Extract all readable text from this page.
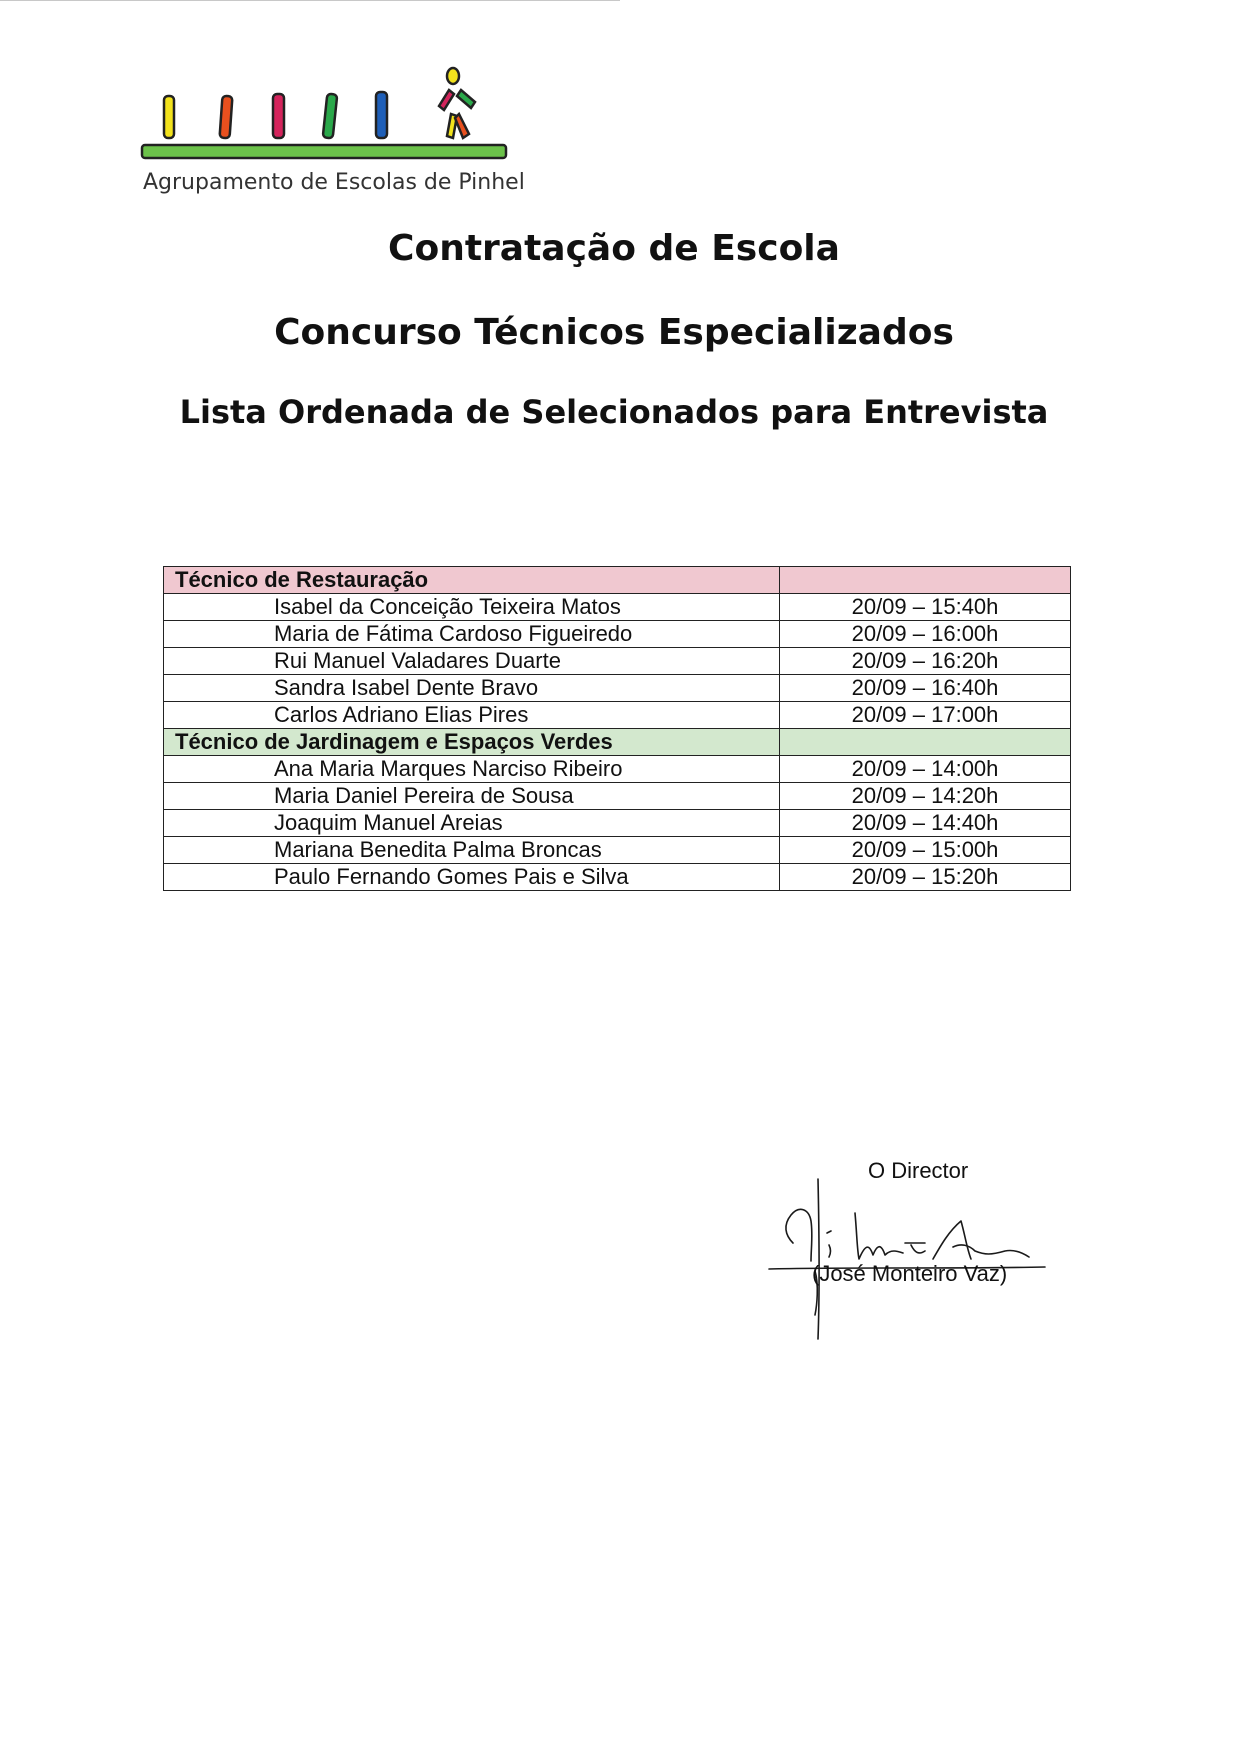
Agrupamento de Escolas de Pinhel
Contratação de Escola
Concurso Técnicos Especializados
Lista Ordenada de Selecionados para Entrevista
Técnico de Restauração	
Isabel da Conceição Teixeira Matos	20/09 – 15:40h
Maria de Fátima Cardoso Figueiredo	20/09 – 16:00h
Rui Manuel Valadares Duarte	20/09 – 16:20h
Sandra Isabel Dente Bravo	20/09 – 16:40h
Carlos Adriano Elias Pires	20/09 – 17:00h
Técnico de Jardinagem e Espaços Verdes	
Ana Maria Marques Narciso Ribeiro	20/09 – 14:00h
Maria Daniel Pereira de Sousa	20/09 – 14:20h
Joaquim Manuel Areias	20/09 – 14:40h
Mariana Benedita Palma Broncas	20/09 – 15:00h
Paulo Fernando Gomes Pais e Silva	20/09 – 15:20h
O Director
(José Monteiro Vaz)
